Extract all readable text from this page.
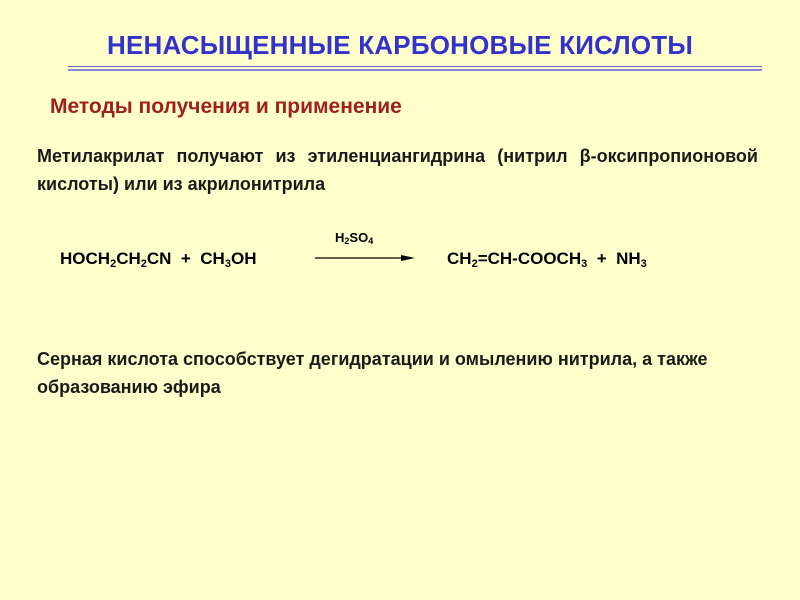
НЕНАСЫЩЕННЫЕ КАРБОНОВЫЕ КИСЛОТЫ
Методы получения и применение
Метилакрилат получают из этиленциангидрина (нитрил β-оксипропионовой кислоты) или из акрилонитрила
$HOCH_2CH_2CN + CH_3OH$
$H_2SO_4$
$CH_2=CH-COOCH_3 + NH_3$
Серная кислота способствует дегидратации и омылению нитрила, а также образованию эфира
